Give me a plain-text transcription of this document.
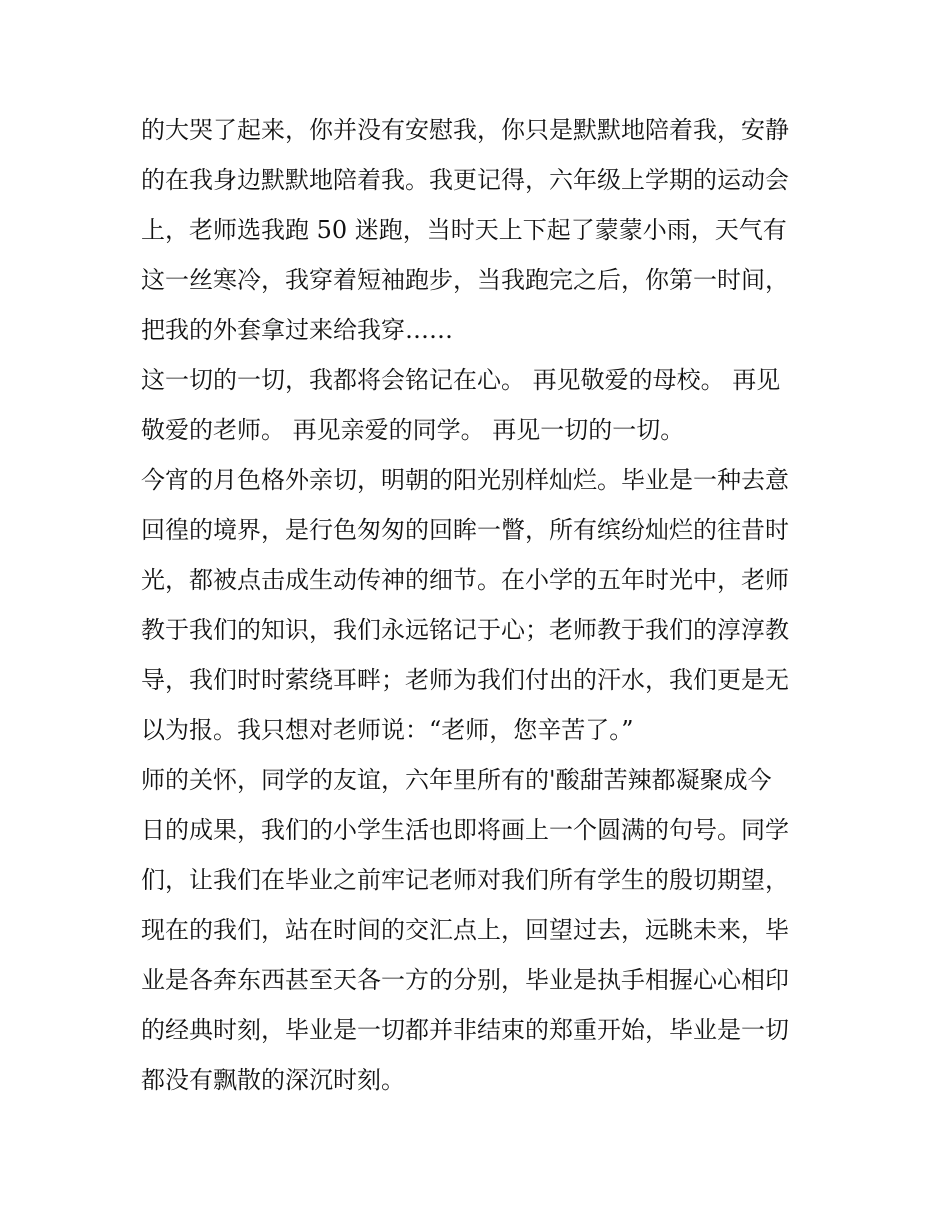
的大哭了起来，你并没有安慰我，你只是默默地陪着我，安静
的在我身边默默地陪着我。我更记得，六年级上学期的运动会
上，老师选我跑 50 迷跑，当时天上下起了蒙蒙小雨，天气有
这一丝寒冷，我穿着短袖跑步，当我跑完之后，你第一时间，
把我的外套拿过来给我穿……
这一切的一切，我都将会铭记在心。 再见敬爱的母校。 再见
敬爱的老师。 再见亲爱的同学。 再见一切的一切。
今宵的月色格外亲切，明朝的阳光别样灿烂。毕业是一种去意
回徨的境界，是行色匆匆的回眸一瞥，所有缤纷灿烂的往昔时
光，都被点击成生动传神的细节。在小学的五年时光中，老师
教于我们的知识，我们永远铭记于心；老师教于我们的淳淳教
导，我们时时萦绕耳畔；老师为我们付出的汗水，我们更是无
以为报。我只想对老师说：“老师，您辛苦了。”
师的关怀，同学的友谊，六年里所有的'酸甜苦辣都凝聚成今
日的成果，我们的小学生活也即将画上一个圆满的句号。同学
们，让我们在毕业之前牢记老师对我们所有学生的殷切期望，
现在的我们，站在时间的交汇点上，回望过去，远眺未来，毕
业是各奔东西甚至天各一方的分别，毕业是执手相握心心相印
的经典时刻，毕业是一切都并非结束的郑重开始，毕业是一切
都没有飘散的深沉时刻。
